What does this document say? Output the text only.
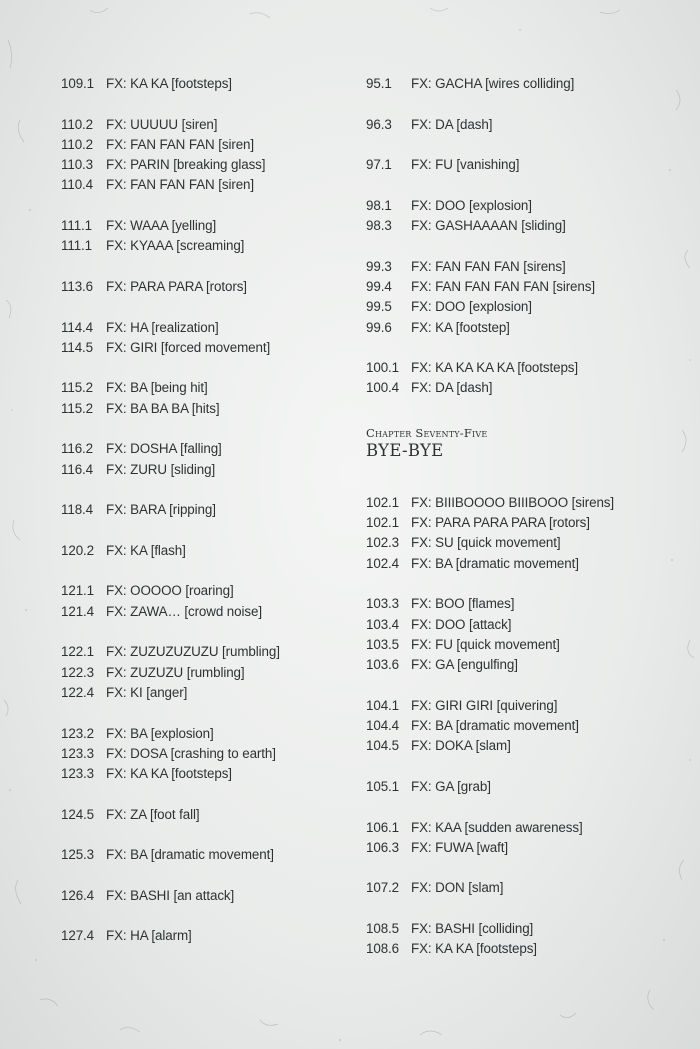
109.1 FX: KA KA [footsteps]
110.2 FX: UUUUU [siren]
110.2 FX: FAN FAN FAN [siren]
110.3 FX: PARIN [breaking glass]
110.4 FX: FAN FAN FAN [siren]
111.1	FX: WAAA [yelling]
111.1	FX: KYAAA [screaming]
113.6 FX: PARA PARA [rotors]
114.4 FX: HA [realization]
114.5 FX: GIRI [forced movement]
115.2 FX: BA [being hit]
115.2 FX: BA BA BA [hits]
116.2 FX: DOSHA [falling]
116.4 FX: ZURU [sliding]
118.4 FX: BARA [ripping]
120.2 FX: KA [flash]
121.1 FX: OOOOO [roaring]
121.4 FX: ZAWA… [crowd noise]
122.1 FX: ZUZUZUZUZU [rumbling]
122.3 FX: ZUZUZU [rumbling]
122.4 FX: KI [anger]
123.2 FX: BA [explosion]
123.3 FX: DOSA [crashing to earth]
123.3 FX: KA KA [footsteps]
124.5 FX: ZA [foot fall]
125.3 FX: BA [dramatic movement]
126.4 FX: BASHI [an attack]
127.4 FX: HA [alarm]
95.1	FX: GACHA [wires colliding]
96.3	FX: DA [dash]
97.1	FX: FU [vanishing]
98.1	FX: DOO [explosion]
98.3	FX: GASHAAAAN [sliding]
99.3	FX: FAN FAN FAN [sirens]
99.4	FX: FAN FAN FAN FAN [sirens]
99.5	FX: DOO [explosion]
99.6	FX: KA [footstep]
100.1 FX: KA KA KA KA [footsteps]
100.4 FX: DA [dash]
Chapter Seventy-Five
BYE-BYE
102.1 FX: BIIIBOOOO BIIIBOOO [sirens]
102.1 FX: PARA PARA PARA [rotors]
102.3 FX: SU [quick movement]
102.4 FX: BA [dramatic movement]
103.3 FX: BOO [flames]
103.4 FX: DOO [attack]
103.5 FX: FU [quick movement]
103.6 FX: GA [engulfing]
104.1 FX: GIRI GIRI [quivering]
104.4 FX: BA [dramatic movement]
104.5 FX: DOKA [slam]
105.1 FX: GA [grab]
106.1 FX: KAA [sudden awareness]
106.3 FX: FUWA [waft]
107.2 FX: DON [slam]
108.5 FX: BASHI [colliding]
108.6 FX: KA KA [footsteps]
